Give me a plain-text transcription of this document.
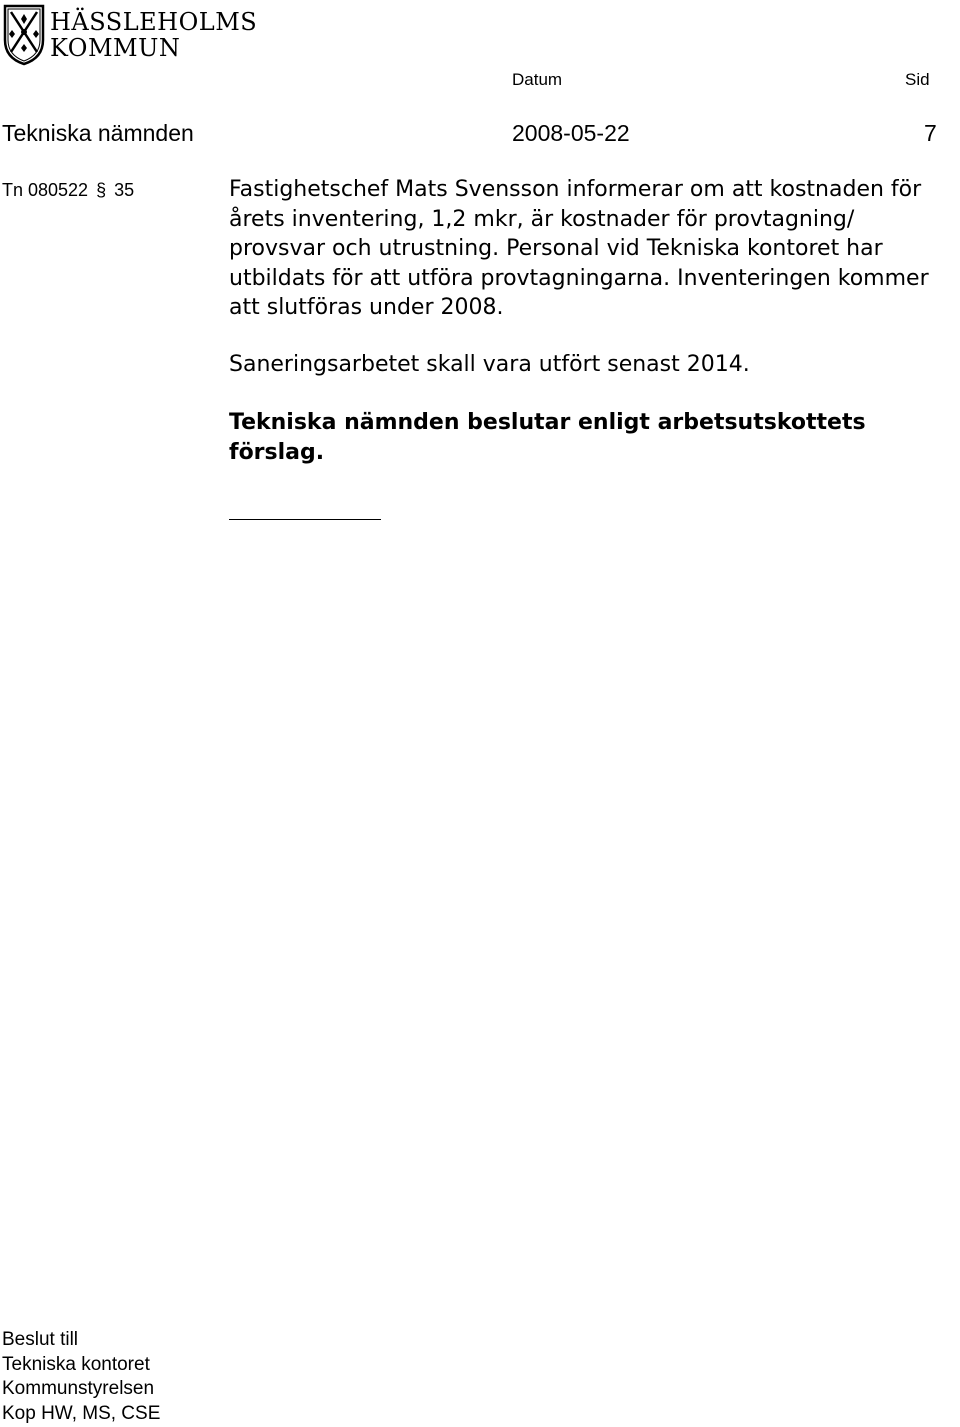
HÄSSLEHOLMS
KOMMUN
Datum	Sid
Tekniska nämnden	2008-05-22	7
Tn 080522 § 35	Fastighetschef Mats Svensson informerar om att kostnaden för årets inventering, 1,2 mkr, är kostnader för provtagning/ provsvar och utrustning. Personal vid Tekniska kontoret har utbildats för att utföra provtagningarna. Inventeringen kommer att slutföras under 2008.
Saneringsarbetet skall vara utfört senast 2014.
Tekniska nämnden beslutar enligt arbetsutskottets förslag.
Beslut till
Tekniska kontoret
Kommunstyrelsen
Kop HW, MS, CSE
